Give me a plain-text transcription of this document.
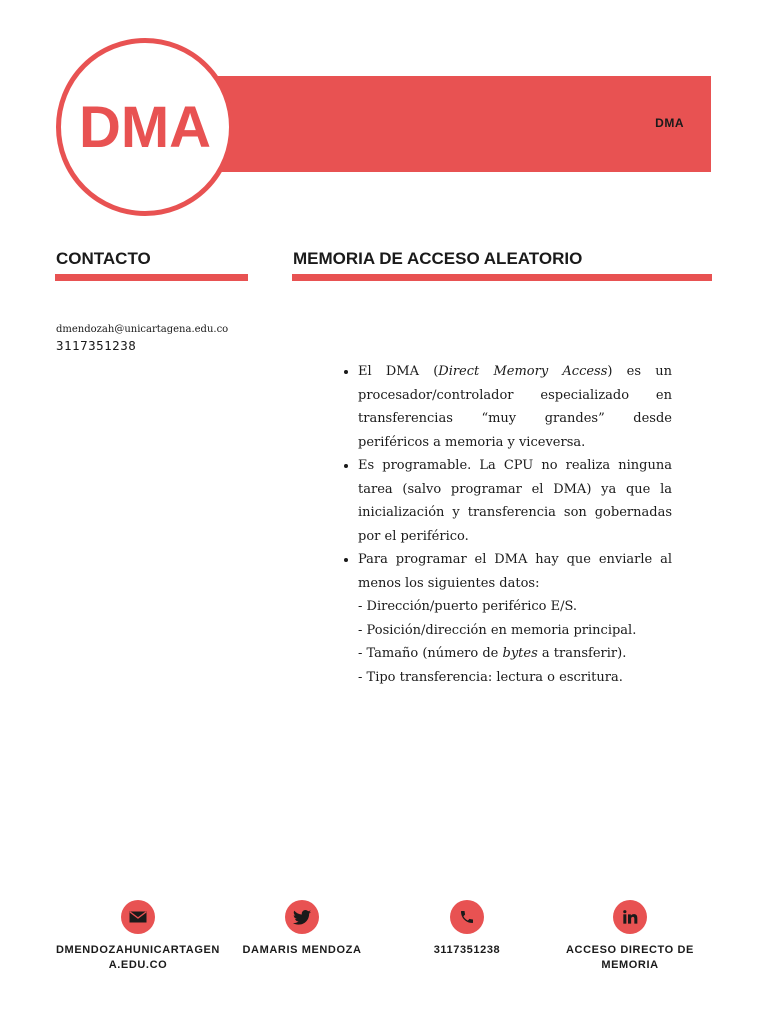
DMA
DMA
CONTACTO	MEMORIA DE ACCESO ALEATORIO
dmendozah@unicartagena.edu.co
3117351238
• El DMA (Direct Memory Access) es un procesador/controlador especializado en transferencias “muy grandes” desde periféricos a memoria y viceversa.
• Es programable. La CPU no realiza ninguna tarea (salvo programar el DMA) ya que la inicialización y transferencia son gobernadas por el periférico.
• Para programar el DMA hay que enviarle al menos los siguientes datos:
- Dirección/puerto periférico E/S.
- Posición/dirección en memoria principal.
- Tamaño (número de bytes a transferir).
- Tipo transferencia: lectura o escritura.
DMENDOZAHUNICARTAGENA.EDU.CO
DAMARIS MENDOZA	3117351238	ACCESO DIRECTO DE MEMORIA
